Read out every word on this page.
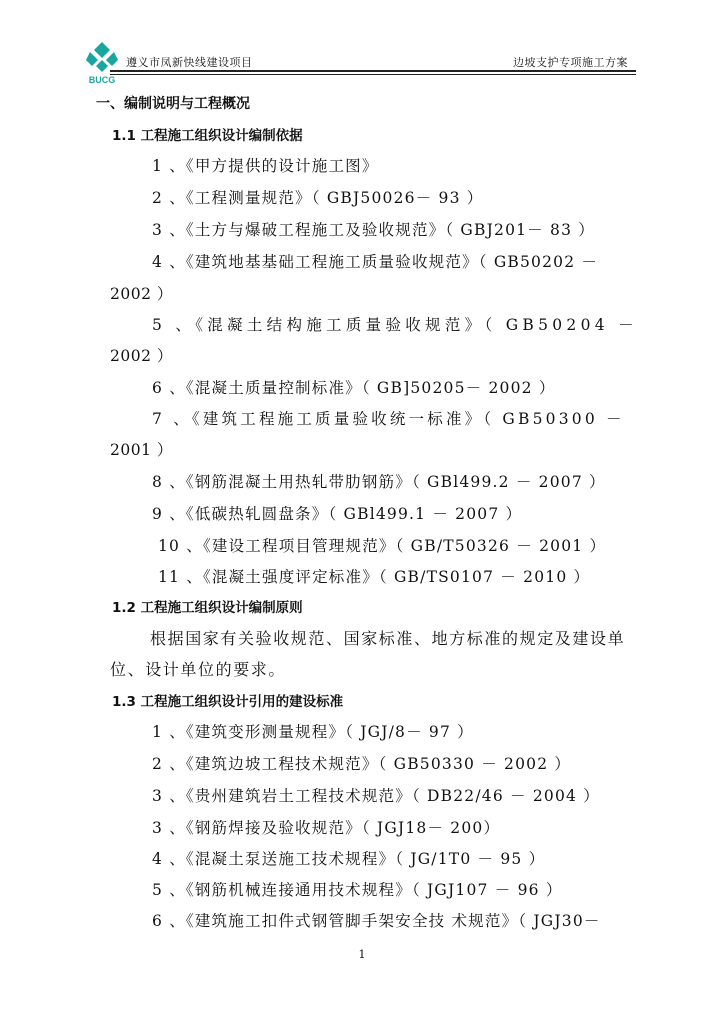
BUCG
遵义市凤新快线建设项目	边坡支护专项施工方案
一、编制说明与工程概况
1.1 工程施工组织设计编制依据
1 、《甲方提供的设计施工图》
2 、《工程测量规范》（ GBJ50026－ 93 ）
3 、《土方与爆破工程施工及验收规范》（ GBJ201－ 83 ）
4 、《建筑地基基础工程施工质量验收规范》（ GB50202 －
2002 ）
5 、《混凝土结构施工质量验收规范》（ GB50204 －
2002 ）
6 、《混凝土质量控制标准》（ GB]50205－ 2002 ）
7 、《建筑工程施工质量验收统一标准》（ GB50300 －
2001 ）
8 、《钢筋混凝土用热轧带肋钢筋》（ GBl499.2 － 2007 ）
9 、《低碳热轧圆盘条》（ GBl499.1 － 2007 ）
10 、《建设工程项目管理规范》（ GB/T50326 － 2001 ）
11 、《混凝土强度评定标准》（ GB/TS0107 － 2010 ）
1.2 工程施工组织设计编制原则
根据国家有关验收规范、国家标准、地方标准的规定及建设单
位、设计单位的要求。
1.3 工程施工组织设计引用的建设标准
1 、《建筑变形测量规程》（ JGJ/8－ 97 ）
2 、《建筑边坡工程技术规范》（ GB50330 － 2002 ）
3 、《贵州建筑岩土工程技术规范》（ DB22/46 － 2004 ）
3 、《钢筋焊接及验收规范》（ JGJ18－ 200）
4 、《混凝土泵送施工技术规程》（ JG/1T0 － 95 ）
5 、《钢筋机械连接通用技术规程》（ JGJ107 － 96 ）
6 、《建筑施工扣件式钢管脚手架安全技 术规范》（ JGJ30－
1
